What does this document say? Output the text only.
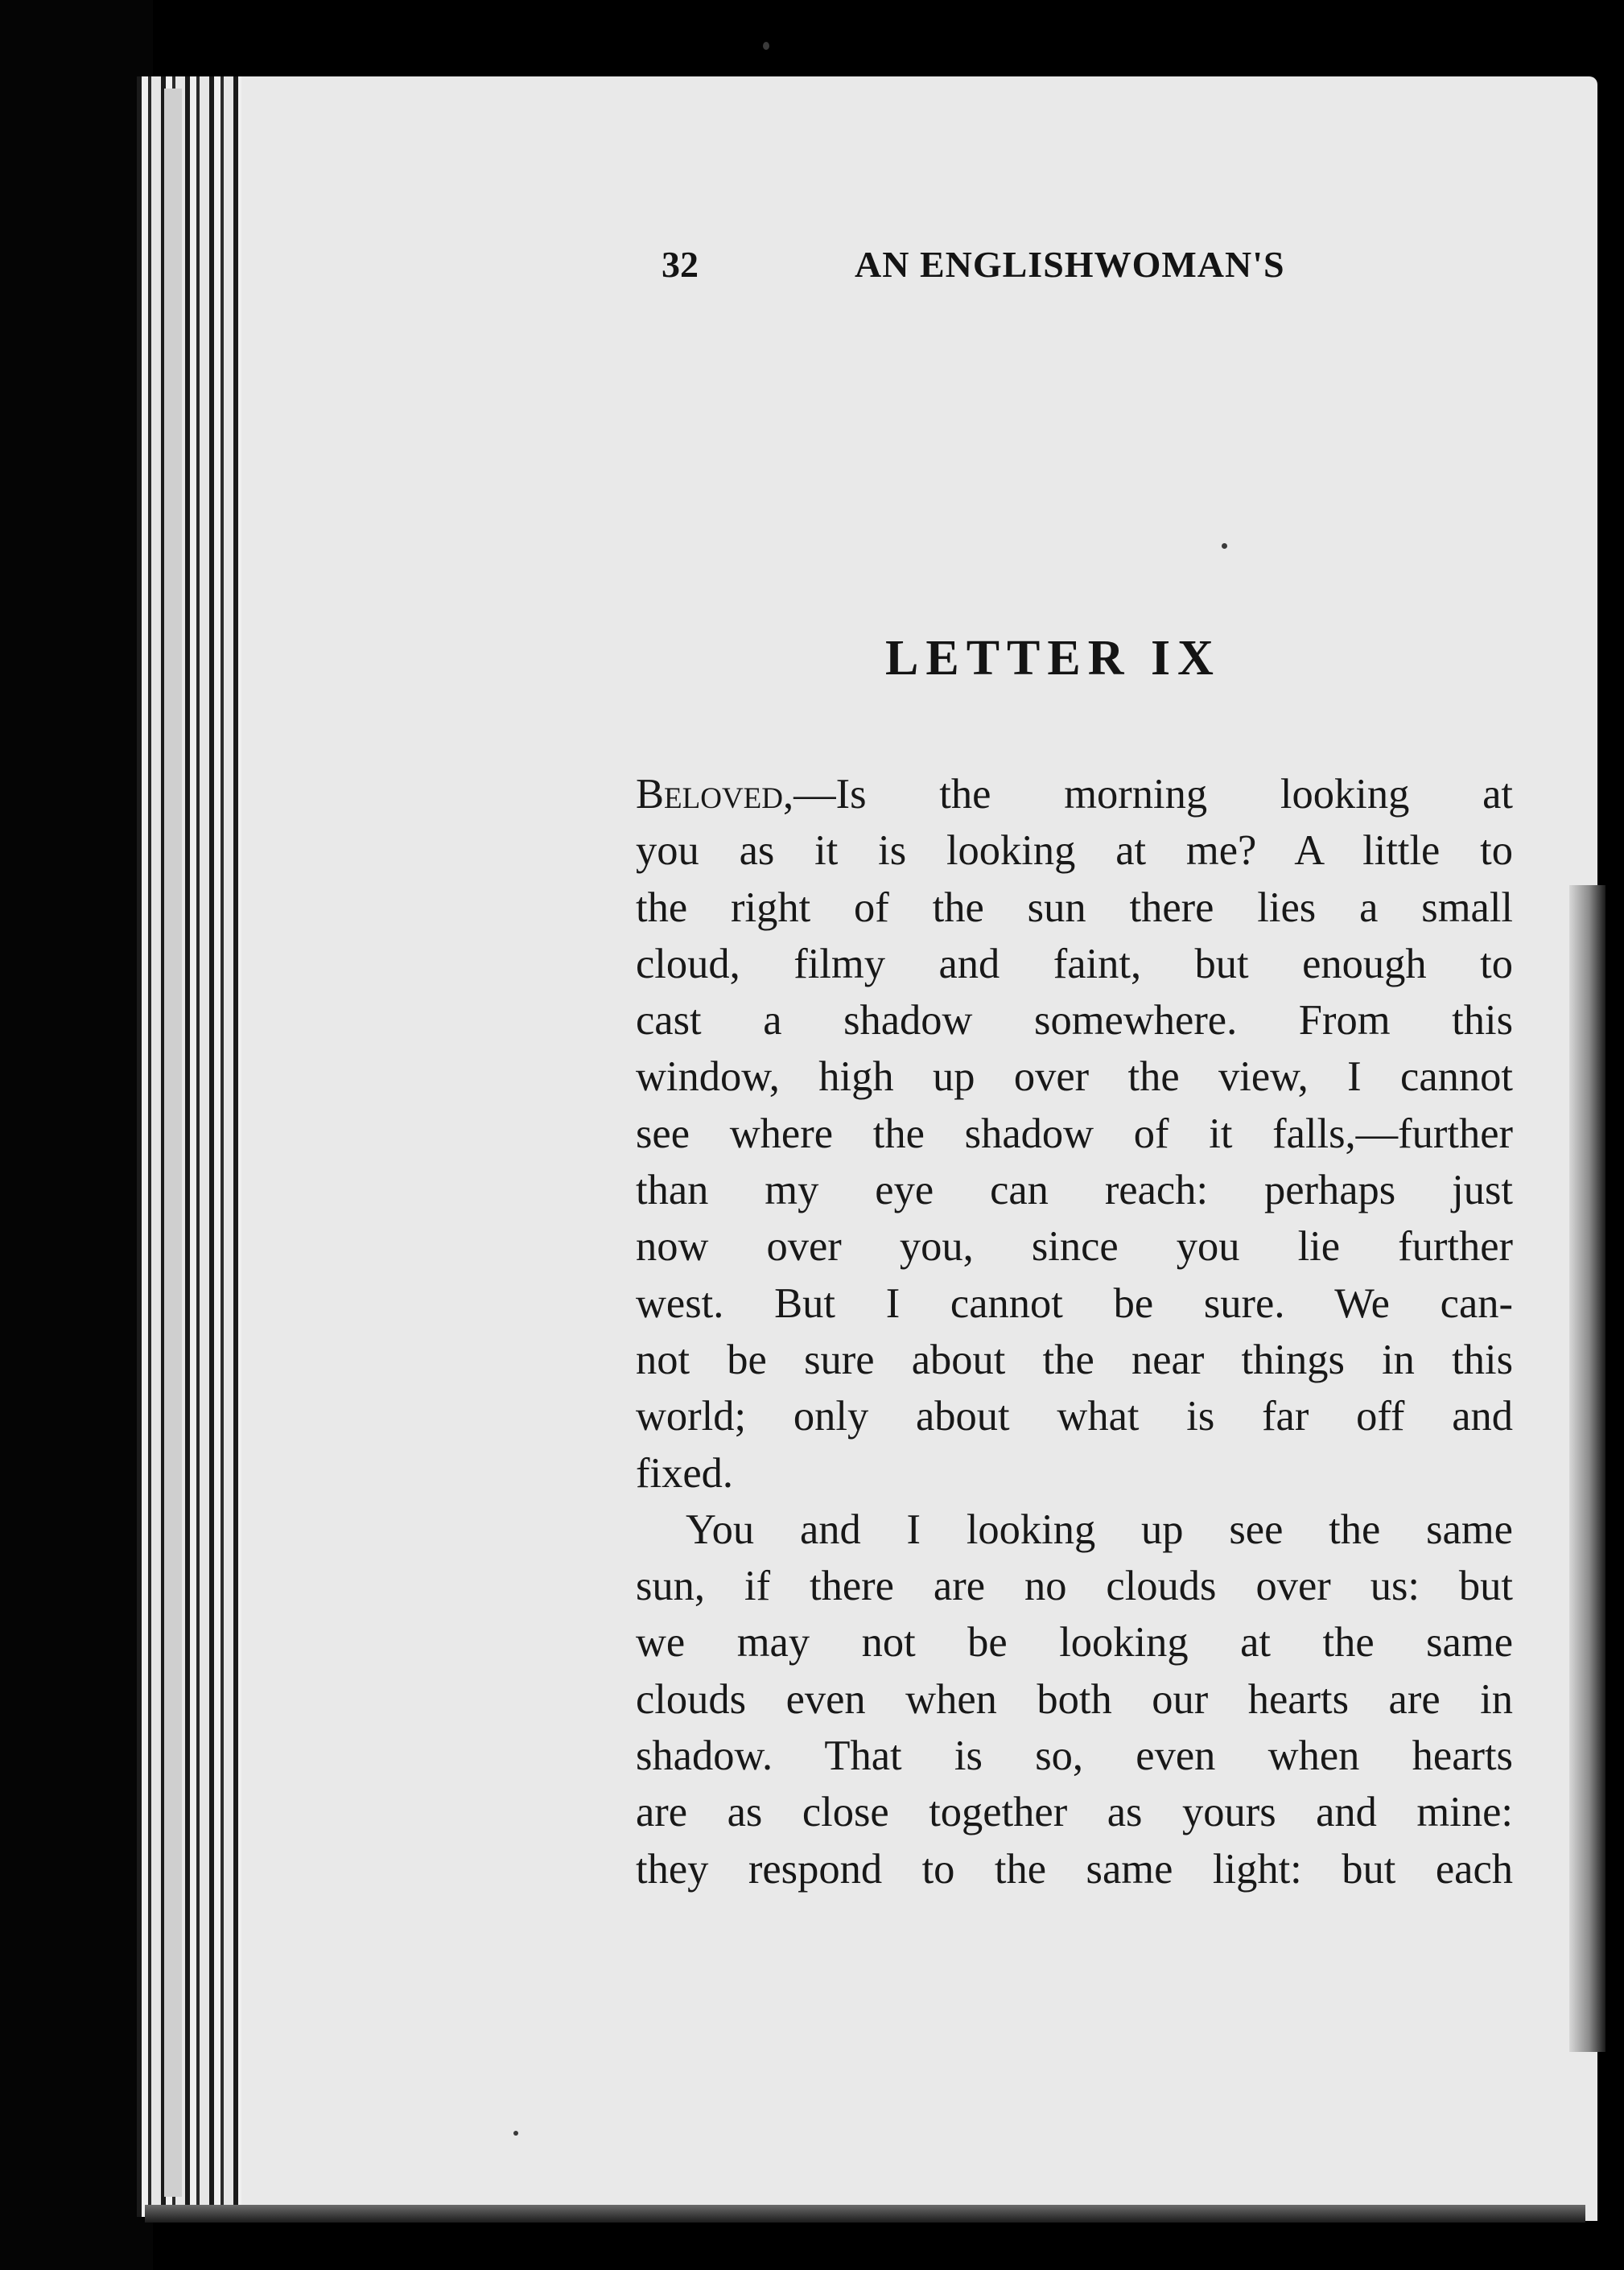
32	AN ENGLISHWOMAN'S
LETTER IX
Beloved,—Is the morning looking at
you as it is looking at me? A little to
the right of the sun there lies a small
cloud, filmy and faint, but enough to
cast a shadow somewhere. From this
window, high up over the view, I cannot
see where the shadow of it falls,—further
than my eye can reach: perhaps just
now over you, since you lie further
west. But I cannot be sure. We can-
not be sure about the near things in this
world; only about what is far off and
fixed.
You and I looking up see the same
sun, if there are no clouds over us: but
we may not be looking at the same
clouds even when both our hearts are in
shadow. That is so, even when hearts
are as close together as yours and mine:
they respond to the same light: but each
